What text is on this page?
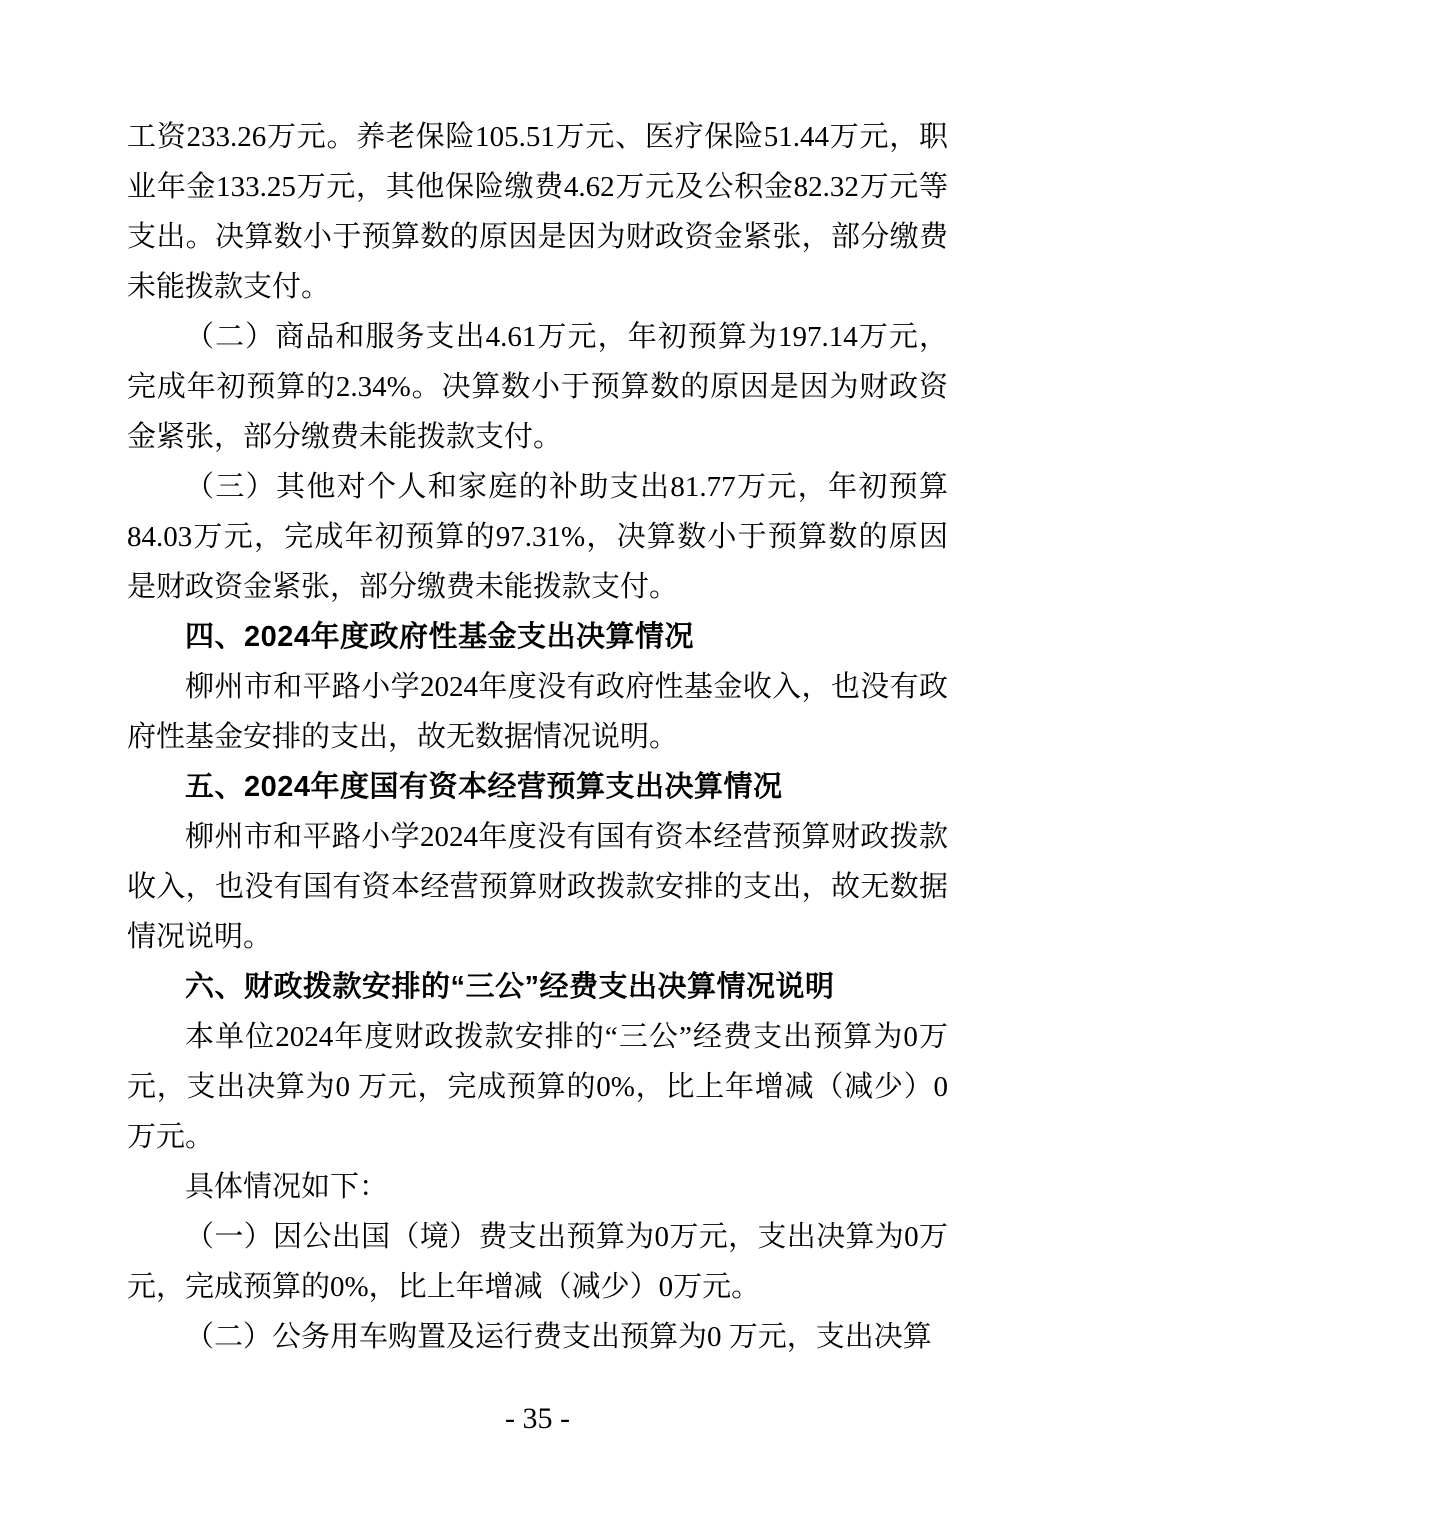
工资233.26万元。养老保险105.51万元、医疗保险51.44万元，职业年金133.25万元，其他保险缴费4.62万元及公积金82.32万元等支出。决算数小于预算数的原因是因为财政资金紧张，部分缴费未能拨款支付。

（二）商品和服务支出4.61万元，年初预算为197.14万元，完成年初预算的2.34%。决算数小于预算数的原因是因为财政资金紧张，部分缴费未能拨款支付。

（三）其他对个人和家庭的补助支出81.77万元，年初预算84.03万元，完成年初预算的97.31%，决算数小于预算数的原因是财政资金紧张，部分缴费未能拨款支付。

四、2024年度政府性基金支出决算情况

柳州市和平路小学2024年度没有政府性基金收入，也没有政府性基金安排的支出，故无数据情况说明。

五、2024年度国有资本经营预算支出决算情况

柳州市和平路小学2024年度没有国有资本经营预算财政拨款收入，也没有国有资本经营预算财政拨款安排的支出，故无数据情况说明。

六、财政拨款安排的“三公”经费支出决算情况说明

本单位2024年度财政拨款安排的“三公”经费支出预算为0万元，支出决算为0 万元，完成预算的0%，比上年增减（减少）0 万元。

具体情况如下：

（一）因公出国（境）费支出预算为0万元，支出决算为0万元，完成预算的0%，比上年增减（减少）0万元。

（二）公务用车购置及运行费支出预算为0 万元，支出决算

- 35 -
